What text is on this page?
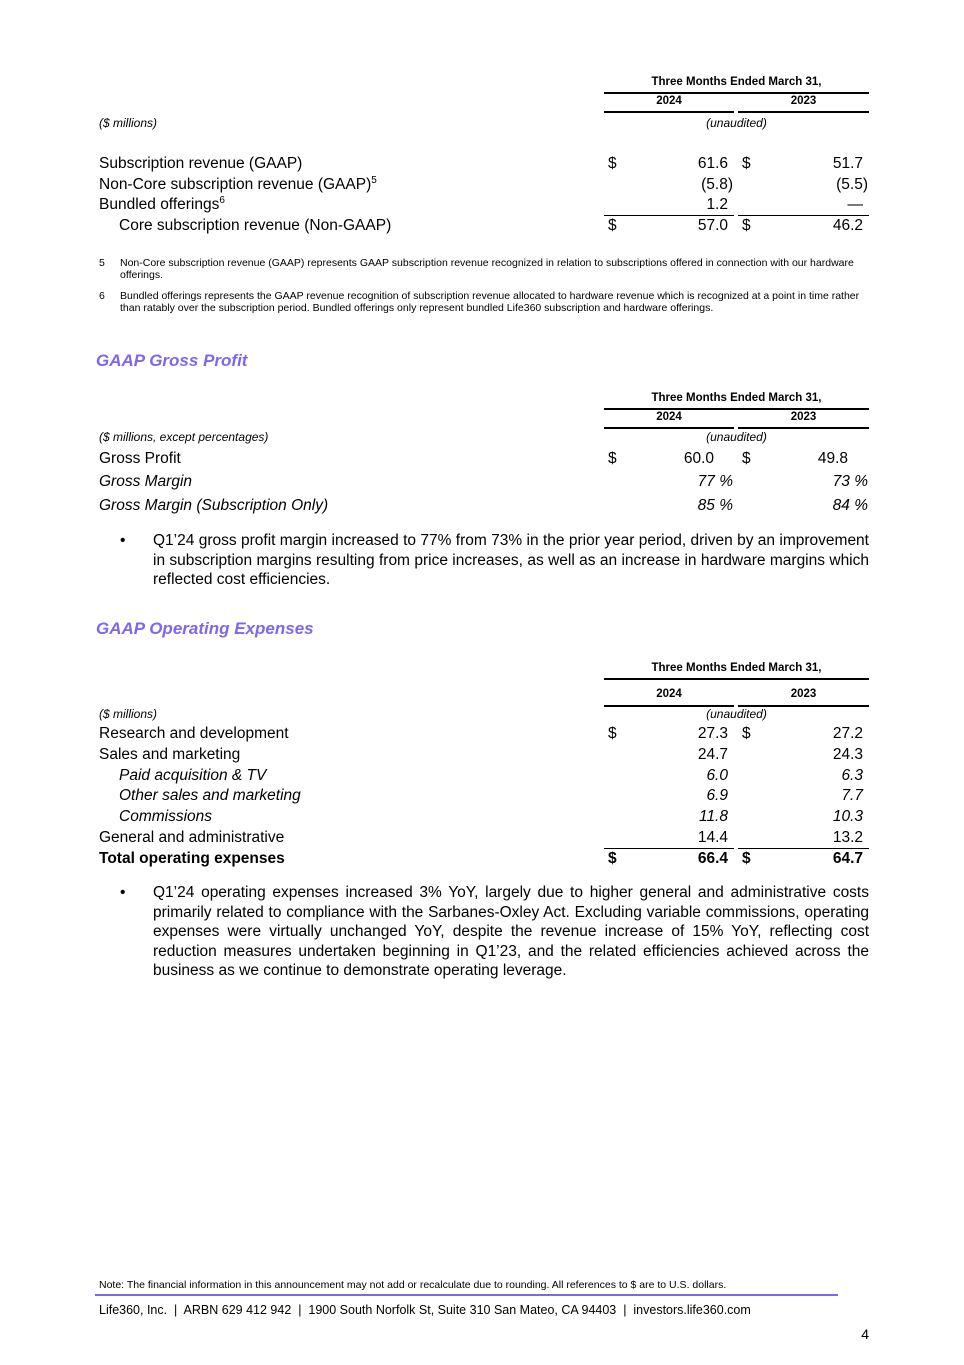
Three Months Ended March 31,
2024	2023
($ millions)	(unaudited)
Subscription revenue (GAAP)	$	61.6 $	51.7
Non-Core subscription revenue (GAAP)$^5$	(5.8)	(5.5)
Bundled offerings$^6$	1.2	—
Core subscription revenue (Non-GAAP)	$	57.0 $	46.2
5 Non-Core subscription revenue (GAAP) represents GAAP subscription revenue recognized in relation to subscriptions offered in connection with our hardware offerings.
6 Bundled offerings represents the GAAP revenue recognition of subscription revenue allocated to hardware revenue which is recognized at a point in time rather than ratably over the subscription period. Bundled offerings only represent bundled Life360 subscription and hardware offerings.
GAAP Gross Profit
Three Months Ended March 31,
2024	2023
($ millions, except percentages)	(unaudited)
Gross Profit	$	60.0 $	49.8
Gross Margin	77 %	73 %
Gross Margin (Subscription Only)	85 %	84 %
• Q1’24 gross profit margin increased to 77% from 73% in the prior year period, driven by an improvement in subscription margins resulting from price increases, as well as an increase in hardware margins which reflected cost efficiencies.
GAAP Operating Expenses
Three Months Ended March 31,
2024	2023
($ millions)	(unaudited)
Research and development	$	27.3 $	27.2
Sales and marketing	24.7	24.3
Paid acquisition & TV	6.0	6.3
Other sales and marketing	6.9	7.7
Commissions	11.8	10.3
General and administrative	14.4	13.2
Total operating expenses	$	66.4 $	64.7
• Q1’24 operating expenses increased 3% YoY, largely due to higher general and administrative costs primarily related to compliance with the Sarbanes-Oxley Act. Excluding variable commissions, operating expenses were virtually unchanged YoY, despite the revenue increase of 15% YoY, reflecting cost reduction measures undertaken beginning in Q1’23, and the related efficiencies achieved across the business as we continue to demonstrate operating leverage.
Note: The financial information in this announcement may not add or recalculate due to rounding. All references to $ are to U.S. dollars.
Life360, Inc.  |  ARBN 629 412 942  |  1900 South Norfolk St, Suite 310 San Mateo, CA 94403  |  investors.life360.com
4
